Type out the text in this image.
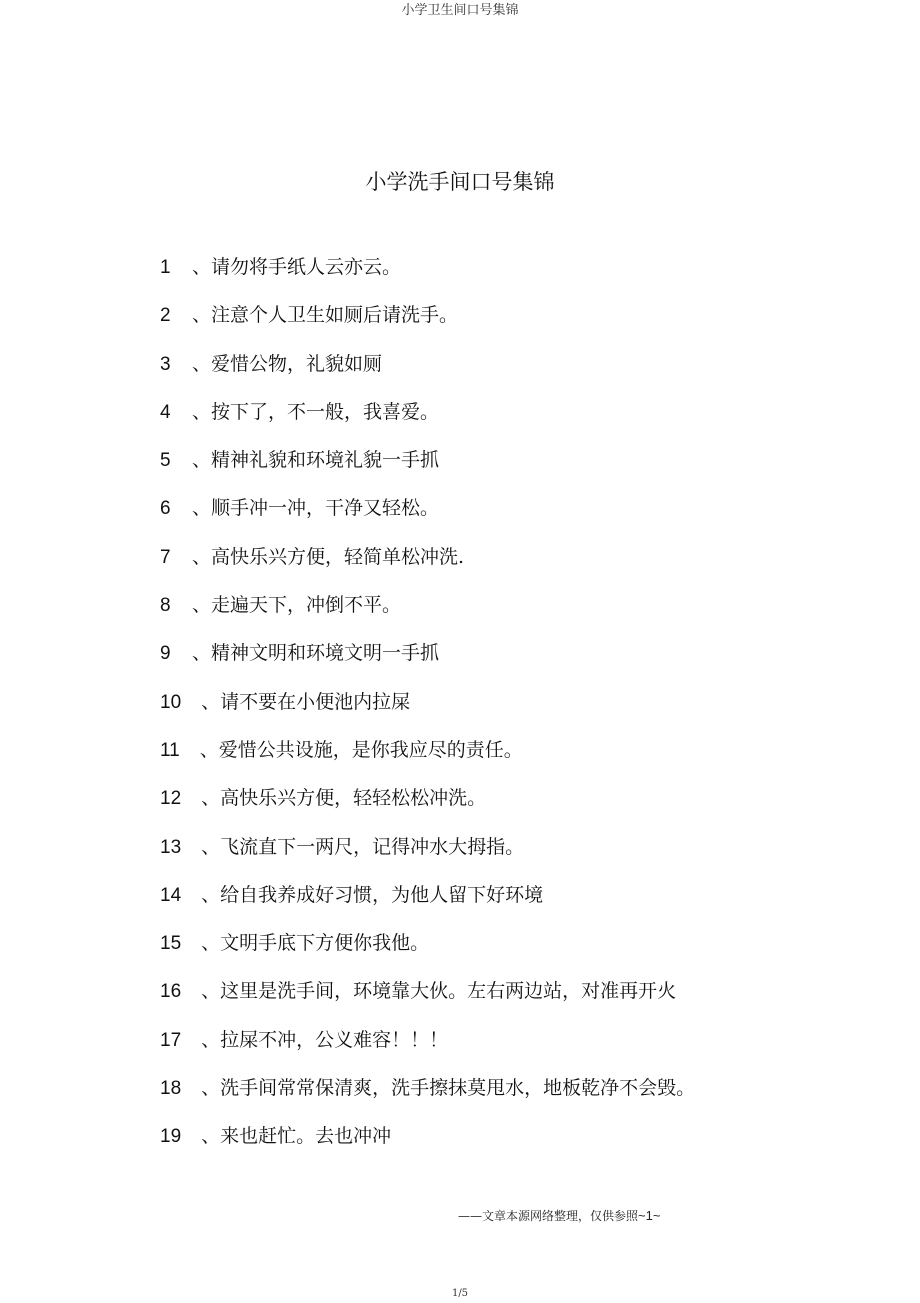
小学卫生间口号集锦
小学洗手间口号集锦
1 、请勿将手纸人云亦云。
2 、注意个人卫生如厕后请洗手。
3 、爱惜公物，礼貌如厕
4 、按下了，不一般，我喜爱。
5 、精神礼貌和环境礼貌一手抓
6 、顺手冲一冲，干净又轻松。
7 、高快乐兴方便，轻简单松冲洗.
8 、走遍天下，冲倒不平。
9 、精神文明和环境文明一手抓
10 、请不要在小便池内拉屎
11 、爱惜公共设施，是你我应尽的责任。
12 、高快乐兴方便，轻轻松松冲洗。
13 、飞流直下一两尺，记得冲水大拇指。
14 、给自我养成好习惯，为他人留下好环境
15 、文明手底下方便你我他。
16 、这里是洗手间，环境靠大伙。左右两边站，对准再开火
17 、拉屎不冲，公义难容！！！
18 、洗手间常常保清爽，洗手擦抹莫甩水，地板乾净不会毁。
19 、来也赶忙。去也冲冲
——文章本源网络整理，仅供参照~1~
1/5
